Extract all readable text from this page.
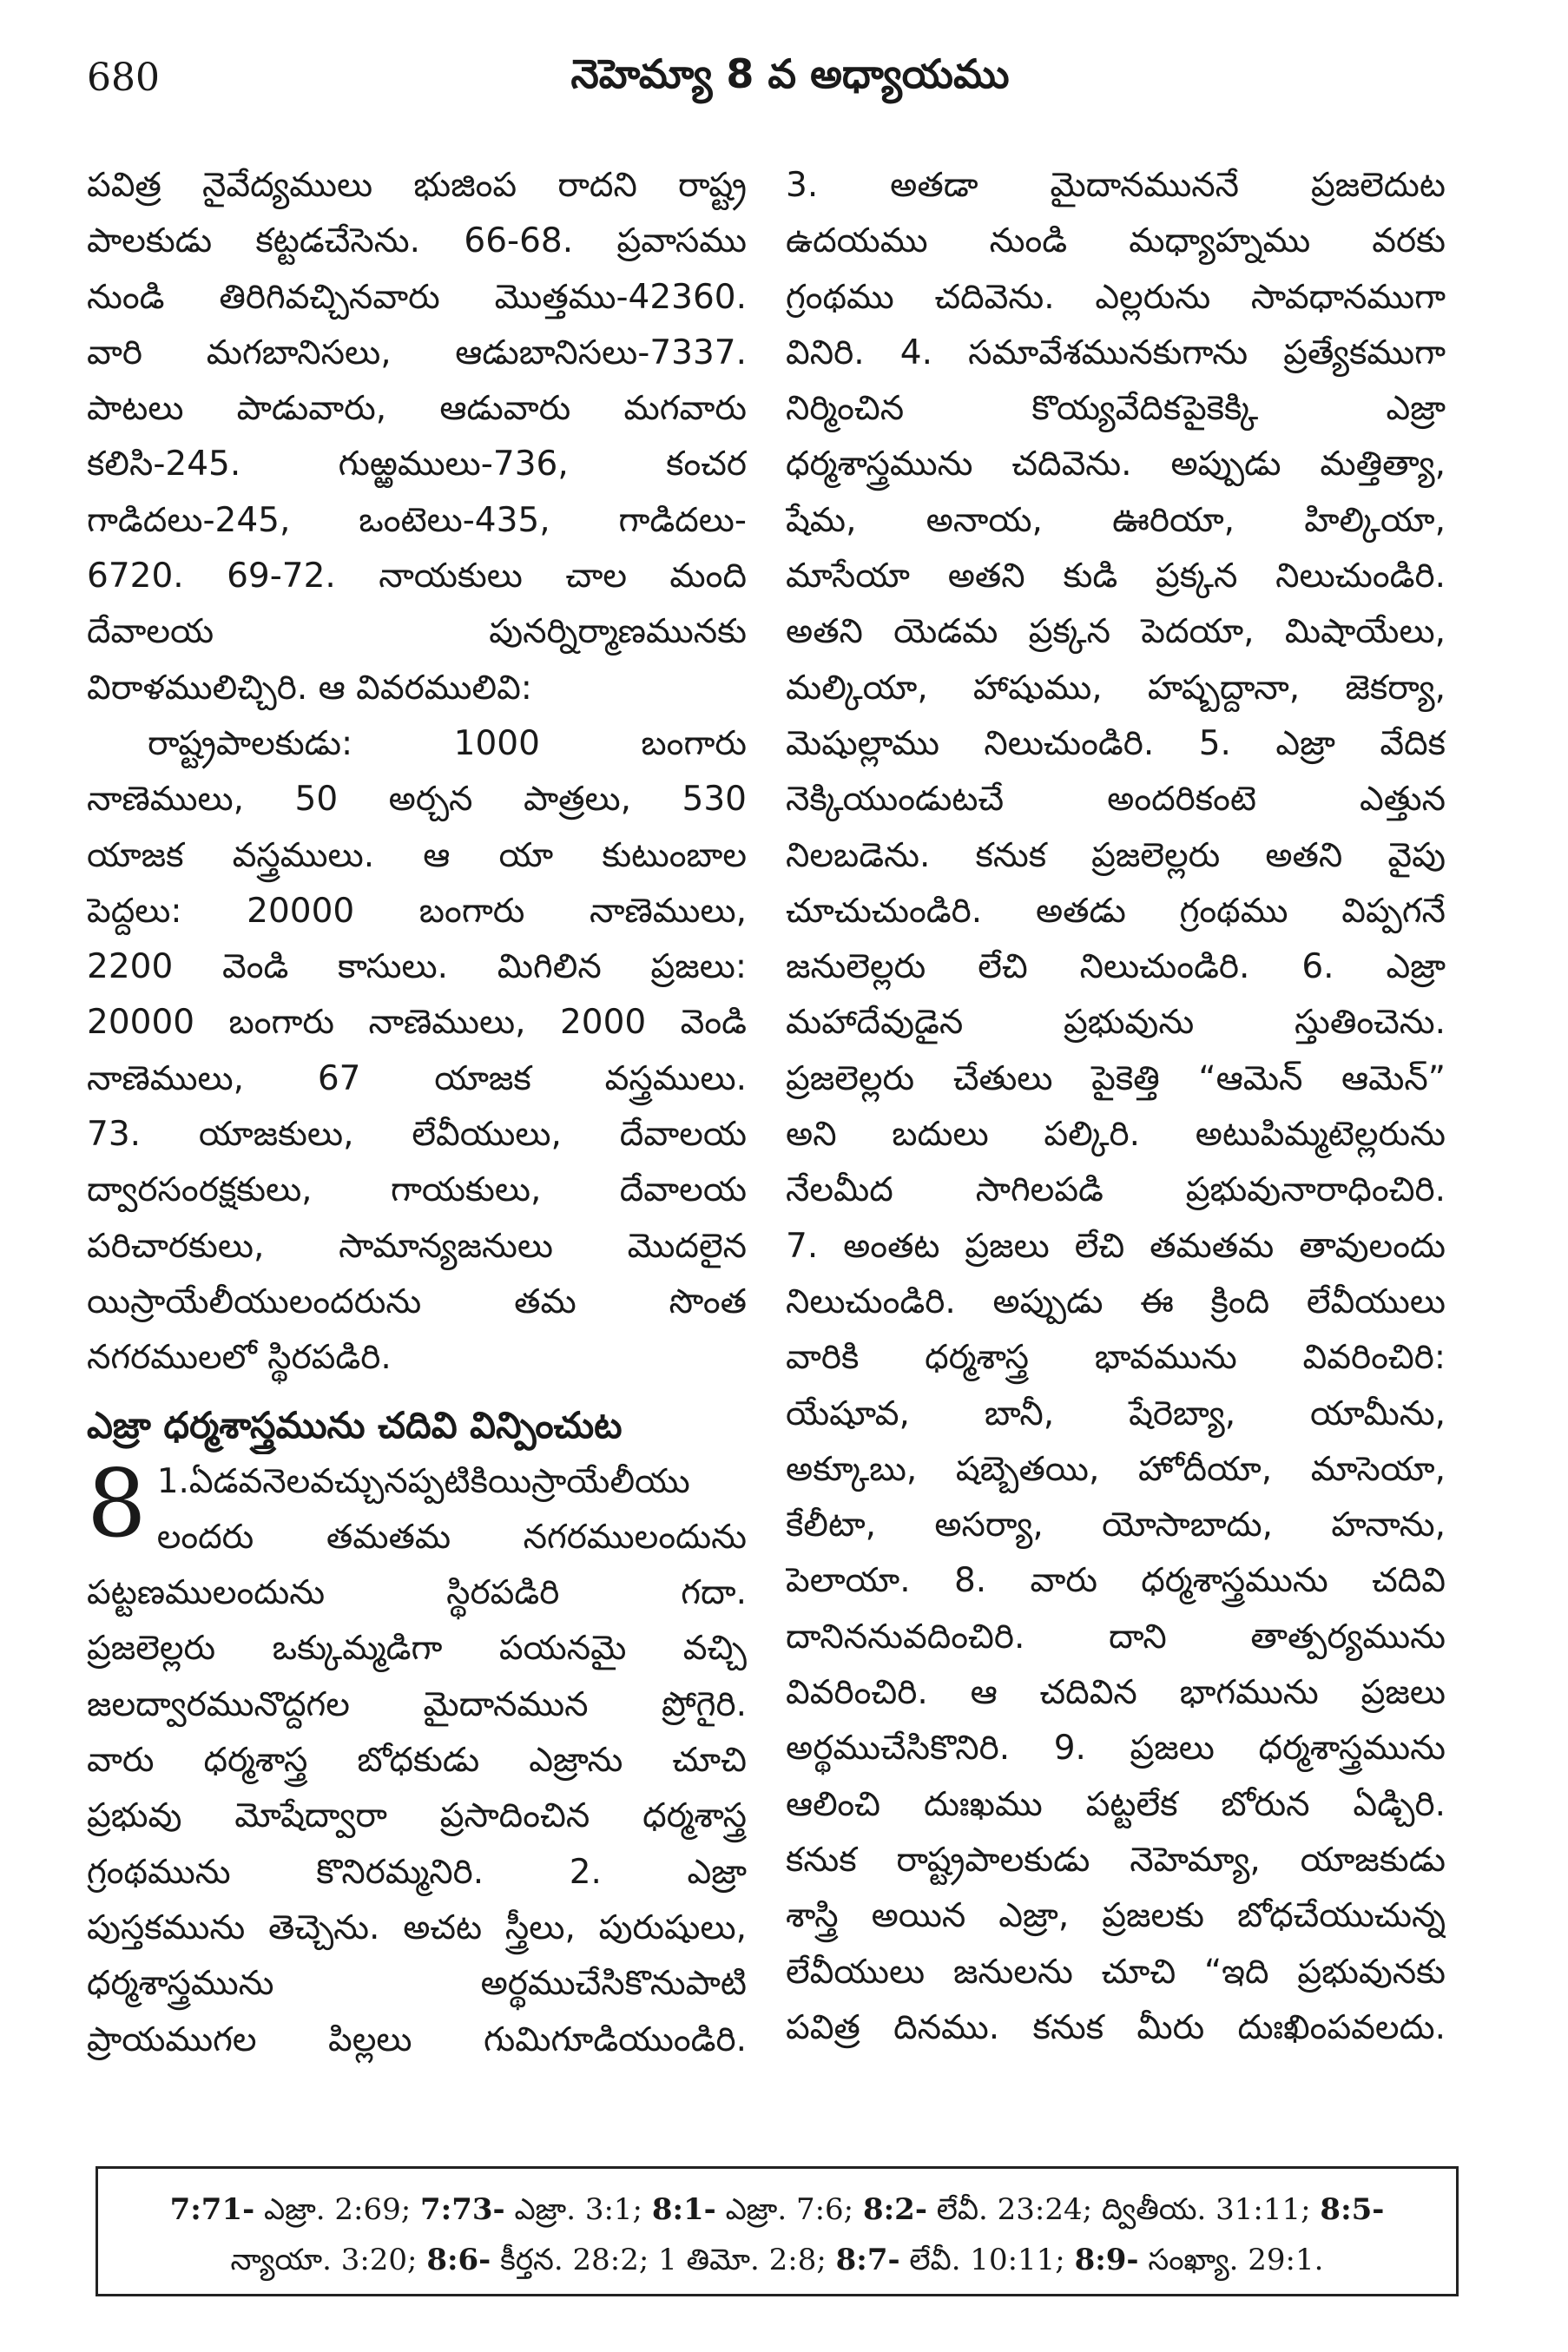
680	నెహెమ్యా 8 వ అధ్యాయము
పవిత్ర నైవేద్యములు భుజింప రాదని రాష్ట్ర
పాలకుడు కట్టడచేసెను. 66-68. ప్రవాసము
నుండి తిరిగివచ్చినవారు మొత్తము-42360.
వారి మగబానిసలు, ఆడుబానిసలు-7337.
పాటలు పాడువారు, ఆడువారు మగవారు
కలిసి-245. గుఱ్ఱములు-736, కంచర
గాడిదలు-245, ఒంటెలు-435, గాడిదలు-
6720. 69-72. నాయకులు చాల మంది
దేవాలయ పునర్నిర్మాణమునకు
విరాళములిచ్చిరి. ఆ వివరములివి:
రాష్ట్రపాలకుడు: 1000 బంగారు
నాణెములు, 50 అర్చన పాత్రలు, 530
యాజక వస్త్రములు. ఆ యా కుటుంబాల
పెద్దలు: 20000 బంగారు నాణెములు,
2200 వెండి కాసులు. మిగిలిన ప్రజలు:
20000 బంగారు నాణెములు, 2000 వెండి
నాణెములు, 67 యాజక వస్త్రములు.
73. యాజకులు, లేవీయులు, దేవాలయ
ద్వారసంరక్షకులు, గాయకులు, దేవాలయ
పరిచారకులు, సామాన్యజనులు మొదలైన
యిస్రాయేలీయులందరును తమ సొంత
నగరములలో స్థిరపడిరి.
ఎజ్రా ధర్మశాస్త్రమును చదివి విన్పించుట
8 1.ఏడవనెలవచ్చునప్పటికియిస్రాయేలీయు
లందరు తమతమ నగరములందును
పట్టణములందును స్థిరపడిరి గదా.
ప్రజలెల్లరు ఒక్కుమ్మడిగా పయనమై వచ్చి
జలద్వారమునొద్దగల మైదానమున ప్రోగైరి.
వారు ధర్మశాస్త్ర బోధకుడు ఎజ్రాను చూచి
ప్రభువు మోషేద్వారా ప్రసాదించిన ధర్మశాస్త్ర
గ్రంథమును కొనిరమ్మనిరి. 2. ఎజ్రా
పుస్తకమును తెచ్చెను. అచట స్త్రీలు, పురుషులు,
ధర్మశాస్త్రమును అర్థముచేసికొనుపాటి
ప్రాయముగల పిల్లలు గుమిగూడియుండిరి.
3. అతడా మైదానముననే ప్రజలెదుట
ఉదయము నుండి మధ్యాహ్నము వరకు
గ్రంథము చదివెను. ఎల్లరును సావధానముగా
వినిరి. 4. సమావేశమునకుగాను ప్రత్యేకముగా
నిర్మించిన కొయ్యవేదికపైకెక్కి ఎజ్రా
ధర్మశాస్త్రమును చదివెను. అప్పుడు మత్తిత్యా,
షేమ, అనాయ, ఊరియా, హిల్కియా,
మాసేయా అతని కుడి ప్రక్కన నిలుచుండిరి.
అతని యెడమ ప్రక్కన పెదయా, మిషాయేలు,
మల్కియా, హాషుము, హష్బద్దానా, జెకర్యా,
మెషుల్లాము నిలుచుండిరి. 5. ఎజ్రా వేదిక
నెక్కియుండుటచే అందరికంటె ఎత్తున
నిలబడెను. కనుక ప్రజలెల్లరు అతని వైపు
చూచుచుండిరి. అతడు గ్రంథము విప్పగనే
జనులెల్లరు లేచి నిలుచుండిరి. 6. ఎజ్రా
మహాదేవుడైన ప్రభువును స్తుతించెను.
ప్రజలెల్లరు చేతులు పైకెత్తి “ఆమెన్ ఆమెన్”
అని బదులు పల్కిరి. అటుపిమ్మటెల్లరును
నేలమీద సాగిలపడి ప్రభువునారాధించిరి.
7. అంతట ప్రజలు లేచి తమతమ తావులందు
నిలుచుండిరి. అప్పుడు ఈ క్రింది లేవీయులు
వారికి ధర్మశాస్త్ర భావమును వివరించిరి:
యేషూవ, బానీ, షేరెబ్యా, యామీను,
అక్కూబు, షబ్బెతయి, హోదీయా, మాసెయా,
కేలీటా, అసర్యా, యోసాబాదు, హనాను,
పెలాయా. 8. వారు ధర్మశాస్త్రమును చదివి
దానిననువదించిరి. దాని తాత్పర్యమును
వివరించిరి. ఆ చదివిన భాగమును ప్రజలు
అర్థముచేసికొనిరి. 9. ప్రజలు ధర్మశాస్త్రమును
ఆలించి దుఃఖము పట్టలేక బోరున ఏడ్చిరి.
కనుక రాష్ట్రపాలకుడు నెహెమ్యా, యాజకుడు
శాస్త్రి అయిన ఎజ్రా, ప్రజలకు బోధచేయుచున్న
లేవీయులు జనులను చూచి “ఇది ప్రభువునకు
పవిత్ర దినము. కనుక మీరు దుఃఖింపవలదు.
7:71- ఎజ్రా. 2:69; 7:73- ఎజ్రా. 3:1; 8:1- ఎజ్రా. 7:6; 8:2- లేవీ. 23:24; ద్వితీయ. 31:11; 8:5-
న్యాయా. 3:20; 8:6- కీర్తన. 28:2; 1 తిమో. 2:8; 8:7- లేవీ. 10:11; 8:9- సంఖ్యా. 29:1.
